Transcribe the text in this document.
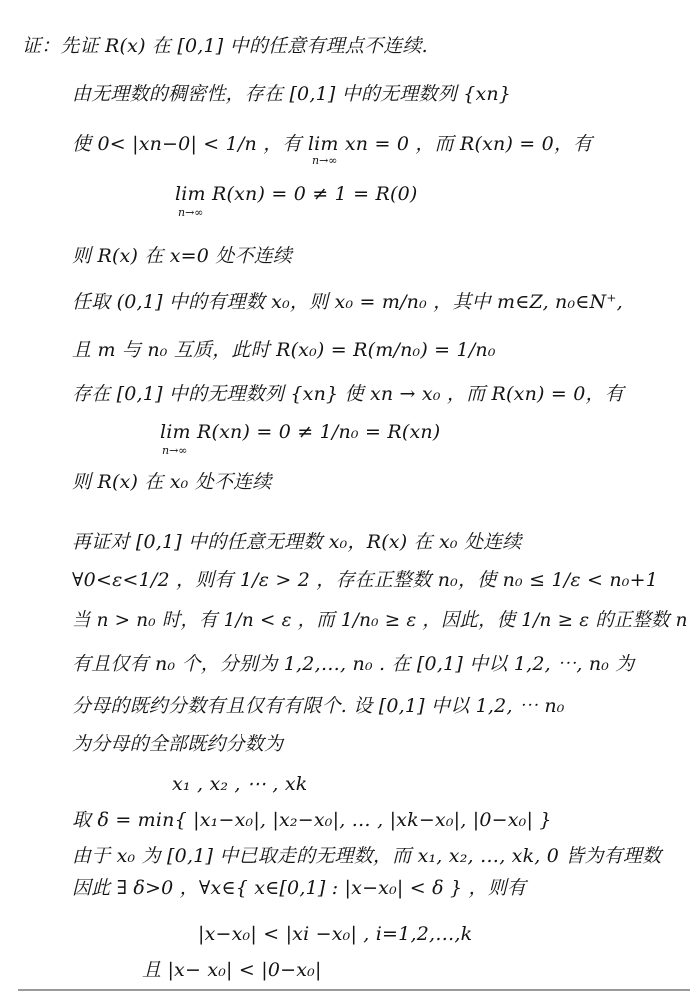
证：先证 R(x) 在 [0,1] 中的任意有理点不连续.
由无理数的稠密性，存在 [0,1] 中的无理数列 {xn}
使 0< |xn−0| < 1/n ，有 lim xn = 0 ，而 R(xn) = 0，有
n→∞
lim R(xn) = 0 ≠ 1 = R(0)
n→∞
则 R(x) 在 x=0 处不连续
任取 (0,1] 中的有理数 x₀，则 x₀ = m/n₀ ，其中 m∈Z, n₀∈N⁺,
且 m 与 n₀ 互质，此时 R(x₀) = R(m/n₀) = 1/n₀
存在 [0,1] 中的无理数列 {xn} 使 xn → x₀ ，而 R(xn) = 0，有
lim R(xn) = 0 ≠ 1/n₀ = R(xn)
n→∞
则 R(x) 在 x₀ 处不连续
再证对 [0,1] 中的任意无理数 x₀，R(x) 在 x₀ 处连续
∀0<ε<1/2 ，则有 1/ε > 2 ，存在正整数 n₀，使 n₀ ≤ 1/ε < n₀+1
当 n > n₀ 时，有 1/n < ε ，而 1/n₀ ≥ ε ，因此，使 1/n ≥ ε 的正整数 n
有且仅有 n₀ 个，分别为 1,2,…, n₀ . 在 [0,1] 中以 1,2, ⋯, n₀ 为
分母的既约分数有且仅有有限个. 设 [0,1] 中以 1,2, ⋯ n₀
为分母的全部既约分数为
x₁ , x₂ , ⋯ , xk
取 δ = min{ |x₁−x₀|, |x₂−x₀|, … , |xk−x₀|, |0−x₀| }
由于 x₀ 为 [0,1] 中已取走的无理数，而 x₁, x₂, …, xk, 0 皆为有理数
因此 ∃ δ>0 ，∀x∈{ x∈[0,1] : |x−x₀| < δ } ，则有
|x−x₀| < |xi −x₀| , i=1,2,…,k
且 |x− x₀| < |0−x₀|
